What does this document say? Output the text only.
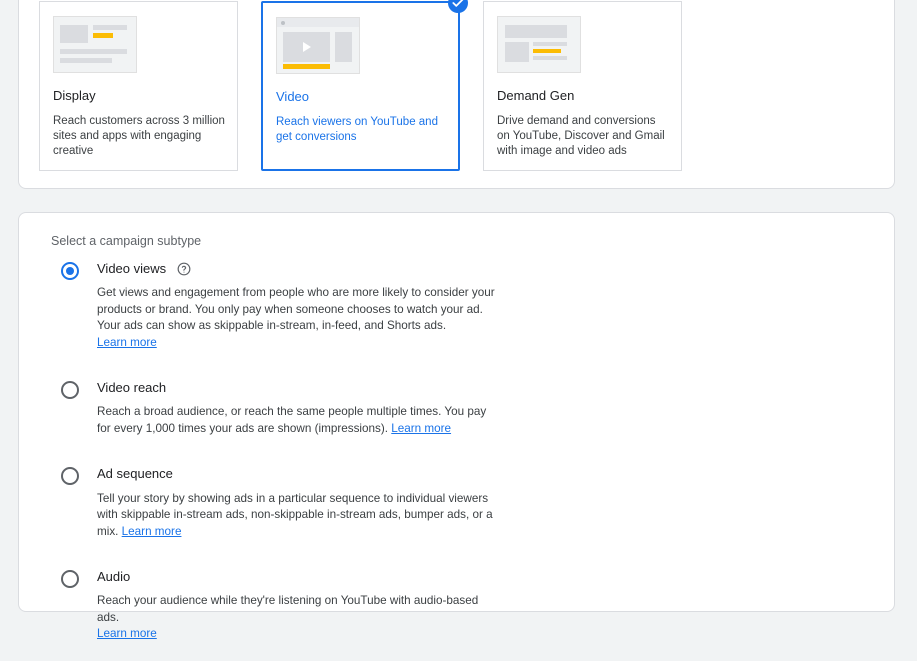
Display
Reach customers across 3 million sites and apps with engaging creative
Video
Reach viewers on YouTube and get conversions
Demand Gen
Drive demand and conversions on YouTube, Discover and Gmail with image and video ads
Select a campaign subtype
Video views
Get views and engagement from people who are more likely to consider your products or brand. You only pay when someone chooses to watch your ad. Your ads can show as skippable in-stream, in-feed, and Shorts ads.
Learn more
Video reach
Reach a broad audience, or reach the same people multiple times. You pay for every 1,000 times your ads are shown (impressions). Learn more
Ad sequence
Tell your story by showing ads in a particular sequence to individual viewers with skippable in-stream ads, non-skippable in-stream ads, bumper ads, or a mix. Learn more
Audio
Reach your audience while they're listening on YouTube with audio-based ads.
Learn more
